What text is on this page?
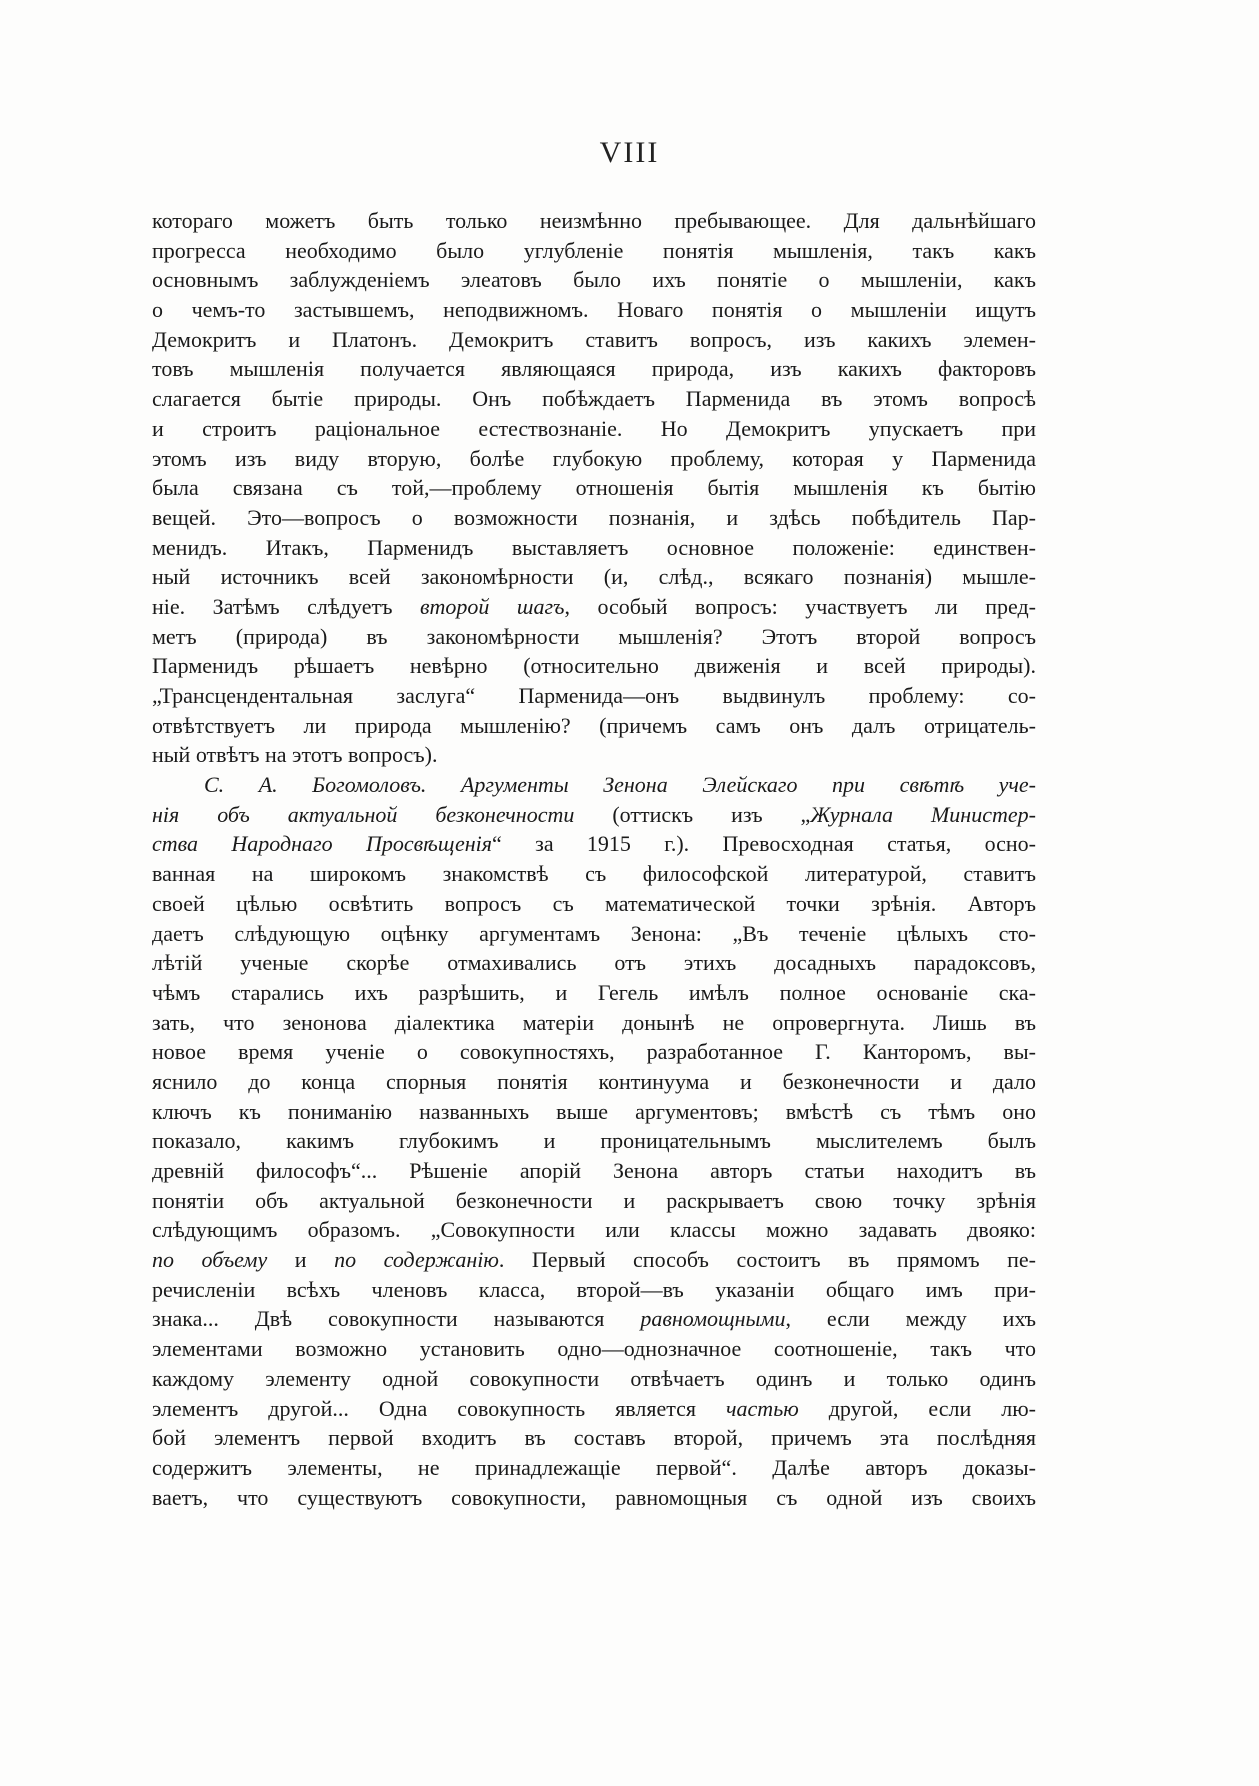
VIII
котораго можетъ быть только неизмѣнно пребывающее. Для дальнѣйшаго
прогресса необходимо было углубленіе понятія мышленія, такъ какъ
основнымъ заблужденіемъ элеатовъ было ихъ понятіе о мышленіи, какъ
о чемъ-то застывшемъ, неподвижномъ. Новаго понятія о мышленіи ищутъ
Демокритъ и Платонъ. Демокритъ ставитъ вопросъ, изъ какихъ элемен-
товъ мышленія получается являющаяся природа, изъ какихъ факторовъ
слагается бытіе природы. Онъ побѣждаетъ Парменида въ этомъ вопросѣ
и строитъ раціональное естествознаніе. Но Демокритъ упускаетъ при
этомъ изъ виду вторую, болѣе глубокую проблему, которая у Парменида
была связана съ той,—проблему отношенія бытія мышленія къ бытію
вещей. Это—вопросъ о возможности познанія, и здѣсь побѣдитель Пар-
менидъ. Итакъ, Парменидъ выставляетъ основное положеніе: единствен-
ный источникъ всей закономѣрности (и, слѣд., всякаго познанія) мышле-
ніе. Затѣмъ слѣдуетъ второй шагъ, особый вопросъ: участвуетъ ли пред-
метъ (природа) въ закономѣрности мышленія? Этотъ второй вопросъ
Парменидъ рѣшаетъ невѣрно (относительно движенія и всей природы).
„Трансцендентальная заслуга“ Парменида—онъ выдвинулъ проблему: со-
отвѣтствуетъ ли природа мышленію? (причемъ самъ онъ далъ отрицатель-
ный отвѣтъ на этотъ вопросъ).
С. А. Богомоловъ. Аргументы Зенона Элейскаго при свѣтѣ уче-
нія объ актуальной безконечности (оттискъ изъ „Журнала Министер-
ства Народнаго Просвѣщенія“ за 1915 г.). Превосходная статья, осно-
ванная на широкомъ знакомствѣ съ философской литературой, ставитъ
своей цѣлью освѣтить вопросъ съ математической точки зрѣнія. Авторъ
даетъ слѣдующую оцѣнку аргументамъ Зенона: „Въ теченіе цѣлыхъ сто-
лѣтій ученые скорѣе отмахивались отъ этихъ досадныхъ парадоксовъ,
чѣмъ старались ихъ разрѣшить, и Гегель имѣлъ полное основаніе ска-
зать, что зеноновa діалектика матеріи донынѣ не опровергнута. Лишь въ
новое время ученіе о совокупностяхъ, разработанное Г. Канторомъ, вы-
яснило до конца спорныя понятія континуума и безконечности и дало
ключъ къ пониманію названныхъ выше аргументовъ; вмѣстѣ съ тѣмъ оно
показало, какимъ глубокимъ и проницательнымъ мыслителемъ былъ
древній философъ“... Рѣшеніе апорій Зенона авторъ статьи находитъ въ
понятіи объ актуальной безконечности и раскрываетъ свою точку зрѣнія
слѣдующимъ образомъ. „Совокупности или классы можно задавать двояко:
по объему и по содержанію. Первый способъ состоитъ въ прямомъ пе-
речисленіи всѣхъ членовъ класса, второй—въ указаніи общаго имъ при-
знака... Двѣ совокупности называются равномощными, если между ихъ
элементами возможно установить одно—однозначное соотношеніе, такъ что
каждому элементу одной совокупности отвѣчаетъ одинъ и только одинъ
элементъ другой... Одна совокупность является частью другой, если лю-
бой элементъ первой входитъ въ составъ второй, причемъ эта послѣдняя
содержитъ элементы, не принадлежащіе первой“. Далѣе авторъ доказы-
ваетъ, что существуютъ совокупности, равномощныя съ одной изъ своихъ
